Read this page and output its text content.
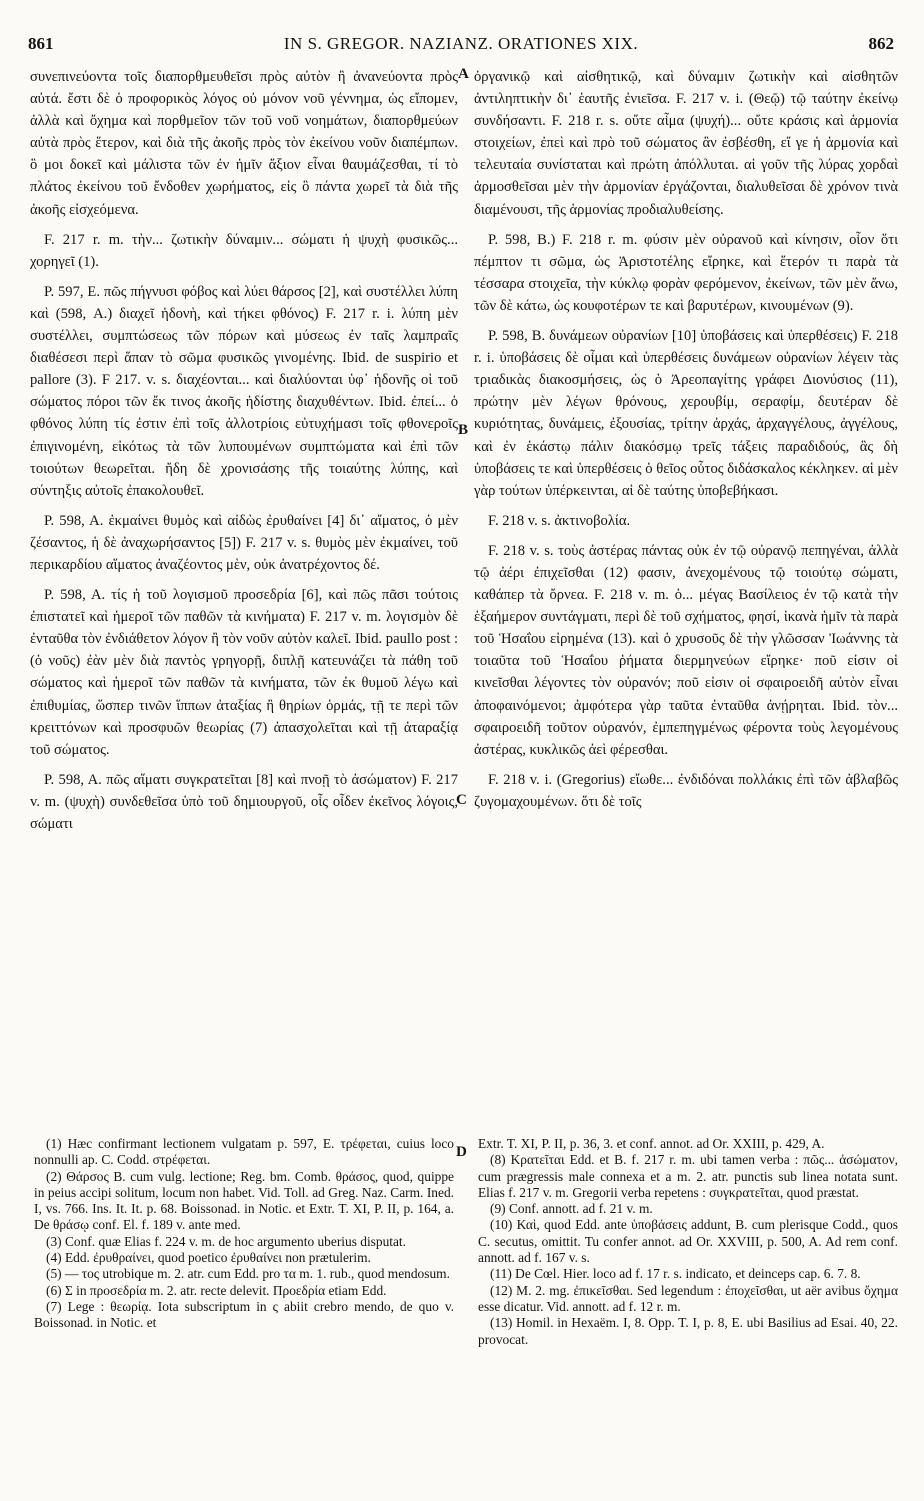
861	IN S. GREGOR. NAZIANZ. ORATIONES XIX.	862
A
B
C
D

συνεπινεύοντα τοῖς διαπορθμευθεῖσι πρὸς αὐτὸν ἢ ἀνανεύοντα πρὸς αὐτά. ἔστι δὲ ὁ προφορικὸς λόγος οὐ μόνον νοῦ γέννημα, ὡς εἴπομεν, ἀλλὰ καὶ ὄχημα καὶ πορθμεῖον τῶν τοῦ νοῦ νοημάτων, διαπορθμεύων αὐτὰ πρὸς ἕτερον, καὶ διὰ τῆς ἀκοῆς πρὸς τὸν ἐκείνου νοῦν διαπέμπων. ὃ μοι δοκεῖ καὶ μάλιστα τῶν ἐν ἡμῖν ἄξιον εἶναι θαυμάζεσθαι, τί τὸ πλάτος ἐκείνου τοῦ ἔνδοθεν χωρήματος, εἰς ὃ πάντα χωρεῖ τὰ διὰ τῆς ἀκοῆς εἰσχεόμενα.

F. 217 r. m. τὴν... ζωτικὴν δύναμιν... σώματι ἡ ψυχὴ φυσικῶς... χορηγεῖ (1).

P. 597, E. πῶς πήγνυσι φόβος καὶ λύει θάρσος [2], καὶ συστέλλει λύπη καὶ (598, A.) διαχεῖ ἡδονὴ, καὶ τήκει φθόνος) F. 217 r. i. λύπη μὲν συστέλλει, συμπτώσεως τῶν πόρων καὶ μύσεως ἐν ταῖς λαμπραῖς διαθέσεσι περὶ ἅπαν τὸ σῶμα φυσικῶς γινομένης. Ibid. de suspirio et pallore (3). F 217. v. s. διαχέονται... καὶ διαλύονται ὑφ᾽ ἡδονῆς οἱ τοῦ σώματος πόροι τῶν ἔκ τινος ἀκοῆς ἡδίστης διαχυθέντων. Ibid. ἐπεί... ὁ φθόνος λύπη τίς ἐστιν ἐπὶ τοῖς ἀλλοτρίοις εὐτυχήμασι τοῖς φθονεροῖς ἐπιγινομένη, εἰκότως τὰ τῶν λυπουμένων συμπτώματα καὶ ἐπὶ τῶν τοιούτων θεωρεῖται. ἤδη δὲ χρονισάσης τῆς τοιαύτης λύπης, καὶ σύντηξις αὐτοῖς ἐπακολουθεῖ.

P. 598, A. ἐκμαίνει θυμὸς καὶ αἰδὼς ἐρυθαίνει [4] δι᾽ αἵματος, ὁ μὲν ζέσαντος, ἡ δὲ ἀναχωρήσαντος [5]) F. 217 v. s. θυμὸς μὲν ἐκμαίνει, τοῦ περικαρδίου αἵματος ἀναζέοντος μὲν, οὐκ ἀνατρέχοντος δέ.

P. 598, A. τίς ἡ τοῦ λογισμοῦ προσεδρία [6], καὶ πῶς πᾶσι τούτοις ἐπιστατεῖ καὶ ἡμεροῖ τῶν παθῶν τὰ κινήματα) F. 217 v. m. λογισμὸν δὲ ἐνταῦθα τὸν ἐνδιάθετον λόγον ἢ τὸν νοῦν αὐτὸν καλεῖ. Ibid. paullo post : (ὁ νοῦς) ἐὰν μὲν διὰ παντὸς γρηγορῇ, διπλῇ κατευνάζει τὰ πάθη τοῦ σώματος καὶ ἡμεροῖ τῶν παθῶν τὰ κινήματα, τῶν ἐκ θυμοῦ λέγω καὶ ἐπιθυμίας, ὥσπερ τινῶν ἵππων ἀταξίας ἢ θηρίων ὁρμάς, τῇ τε περὶ τῶν κρειττόνων καὶ προσφυῶν θεωρίας (7) ἀπασχολεῖται καὶ τῇ ἀταραξίᾳ τοῦ σώματος.

P. 598, A. πῶς αἵματι συγκρατεῖται [8] καὶ πνοῇ τὸ ἀσώματον) F. 217 v. m. (ψυχὴ) συνδεθεῖσα ὑπὸ τοῦ δημιουργοῦ, οἷς οἶδεν ἐκεῖνος λόγοις, σώματι

ὀργανικῷ καὶ αἰσθητικῷ, καὶ δύναμιν ζωτικὴν καὶ αἰσθητῶν ἀντιληπτικὴν δι᾽ ἑαυτῆς ἐνιεῖσα. F. 217 v. i. (Θεῷ) τῷ ταύτην ἐκείνῳ συνδήσαντι. F. 218 r. s. οὔτε αἷμα (ψυχή)... οὔτε κράσις καὶ ἁρμονία στοιχείων, ἐπεὶ καὶ πρὸ τοῦ σώματος ἂν ἐσβέσθη, εἴ γε ἡ ἁρμονία καὶ τελευταία συνίσταται καὶ πρώτη ἀπόλλυται. αἱ γοῦν τῆς λύρας χορδαὶ ἁρμοσθεῖσαι μὲν τὴν ἁρμονίαν ἐργάζονται, διαλυθεῖσαι δὲ χρόνον τινὰ διαμένουσι, τῆς ἁρμονίας προδιαλυθείσης.

P. 598, B.) F. 218 r. m. φύσιν μὲν οὐρανοῦ καὶ κίνησιν, οἷον ὅτι πέμπτον τι σῶμα, ὡς Ἀριστοτέλης εἴρηκε, καὶ ἕτερόν τι παρὰ τὰ τέσσαρα στοιχεῖα, τὴν κύκλῳ φορὰν φερόμενον, ἐκείνων, τῶν μὲν ἄνω, τῶν δὲ κάτω, ὡς κουφοτέρων τε καὶ βαρυτέρων, κινουμένων (9).

P. 598, B. δυνάμεων οὐρανίων [10] ὑποβάσεις καὶ ὑπερθέσεις) F. 218 r. i. ὑποβάσεις δὲ οἶμαι καὶ ὑπερθέσεις δυνάμεων οὐρανίων λέγειν τὰς τριαδικὰς διακοσμήσεις, ὡς ὁ Ἀρεοπαγίτης γράφει Διονύσιος (11), πρώτην μὲν λέγων θρόνους, χερουβίμ, σεραφίμ, δευτέραν δὲ κυριότητας, δυνάμεις, ἐξουσίας, τρίτην ἀρχάς, ἀρχαγγέλους, ἀγγέλους, καὶ ἐν ἑκάστῳ πάλιν διακόσμῳ τρεῖς τάξεις παραδιδούς, ἃς δὴ ὑποβάσεις τε καὶ ὑπερθέσεις ὁ θεῖος οὗτος διδάσκαλος κέκληκεν. αἱ μὲν γὰρ τούτων ὑπέρκεινται, αἱ δὲ ταύτης ὑποβεβήκασι.

F. 218 v. s. ἀκτινοβολία.

F. 218 v. s. τοὺς ἀστέρας πάντας οὐκ ἐν τῷ οὐρανῷ πεπηγέναι, ἀλλὰ τῷ ἀέρι ἐπιχεῖσθαι (12) φασιν, ἀνεχομένους τῷ τοιούτῳ σώματι, καθάπερ τὰ ὄρνεα. F. 218 v. m. ὁ... μέγας Βασίλειος ἐν τῷ κατὰ τὴν ἑξαήμερον συντάγματι, περὶ δὲ τοῦ σχήματος, φησί, ἱκανὰ ἡμῖν τὰ παρὰ τοῦ Ἡσαΐου εἰρημένα (13). καὶ ὁ χρυσοῦς δὲ τὴν γλῶσσαν Ἰωάννης τὰ τοιαῦτα τοῦ Ἡσαΐου ῥήματα διερμηνεύων εἴρηκε· ποῦ εἰσιν οἱ κινεῖσθαι λέγοντες τὸν οὐρανόν; ποῦ εἰσιν οἱ σφαιροειδῆ αὐτὸν εἶναι ἀποφαινόμενοι; ἀμφότερα γὰρ ταῦτα ἐνταῦθα ἀνῄρηται. Ibid. τὸν... σφαιροειδῆ τοῦτον οὐρανόν, ἐμπεπηγμένως φέροντα τοὺς λεγομένους ἀστέρας, κυκλικῶς ἀεὶ φέρεσθαι.

F. 218 v. i. (Gregorius) εἴωθε... ἐνδιδόναι πολλάκις ἐπὶ τῶν ἀβλαβῶς ζυγομαχουμένων. ὅτι δὲ τοῖς

(1) Hæc confirmant lectionem vulgatam p. 597, E. τρέφεται, cuius loco nonnulli ap. C. Codd. στρέφεται.

(2) Θάρσος B. cum vulg. lectione; Reg. bm. Comb. θράσος, quod, quippe in peius accipi solitum, locum non habet. Vid. Toll. ad Greg. Naz. Carm. Ined. I, vs. 766. Ins. It. It. p. 68. Boissonad. in Notic. et Extr. T. XI, P. II, p. 164, a. De θράσῳ conf. El. f. 189 v. ante med.

(3) Conf. quæ Elias f. 224 v. m. de hoc argumento uberius disputat.

(4) Edd. ἐρυθραίνει, quod poetico ἐρυθαίνει non prætulerim.

(5) — τος utrobique m. 2. atr. cum Edd. pro τα m. 1. rub., quod mendosum.

(6) Σ in προσεδρία m. 2. atr. recte delevit. Προεδρία etiam Edd.

(7) Lege : θεωρίᾳ. Iota subscriptum in ς abiit crebro mendo, de quo v. Boissonad. in Notic. et

Extr. T. XI, P. II, p. 36, 3. et conf. annot. ad Or. XXIII, p. 429, A.

(8) Κρατεῖται Edd. et B. f. 217 r. m. ubi tamen verba : πῶς... ἀσώματον, cum prægressis male connexa et a m. 2. atr. punctis sub linea notata sunt. Elias f. 217 v. m. Gregorii verba repetens : συγκρατεῖται, quod præstat.

(9) Conf. annott. ad f. 21 v. m.

(10) Καὶ, quod Edd. ante ὑποβάσεις addunt, B. cum plerisque Codd., quos C. secutus, omittit. Tu confer annot. ad Or. XXVIII, p. 500, A. Ad rem conf. annott. ad f. 167 v. s.

(11) De Cœl. Hier. loco ad f. 17 r. s. indicato, et deinceps cap. 6. 7. 8.

(12) M. 2. mg. ἐπικεῖσθαι. Sed legendum : ἐποχεῖσθαι, ut aër avibus ὄχημα esse dicatur. Vid. annott. ad f. 12 r. m.

(13) Homil. in Hexaëm. I, 8. Opp. T. I, p. 8, E. ubi Basilius ad Esai. 40, 22. provocat.
